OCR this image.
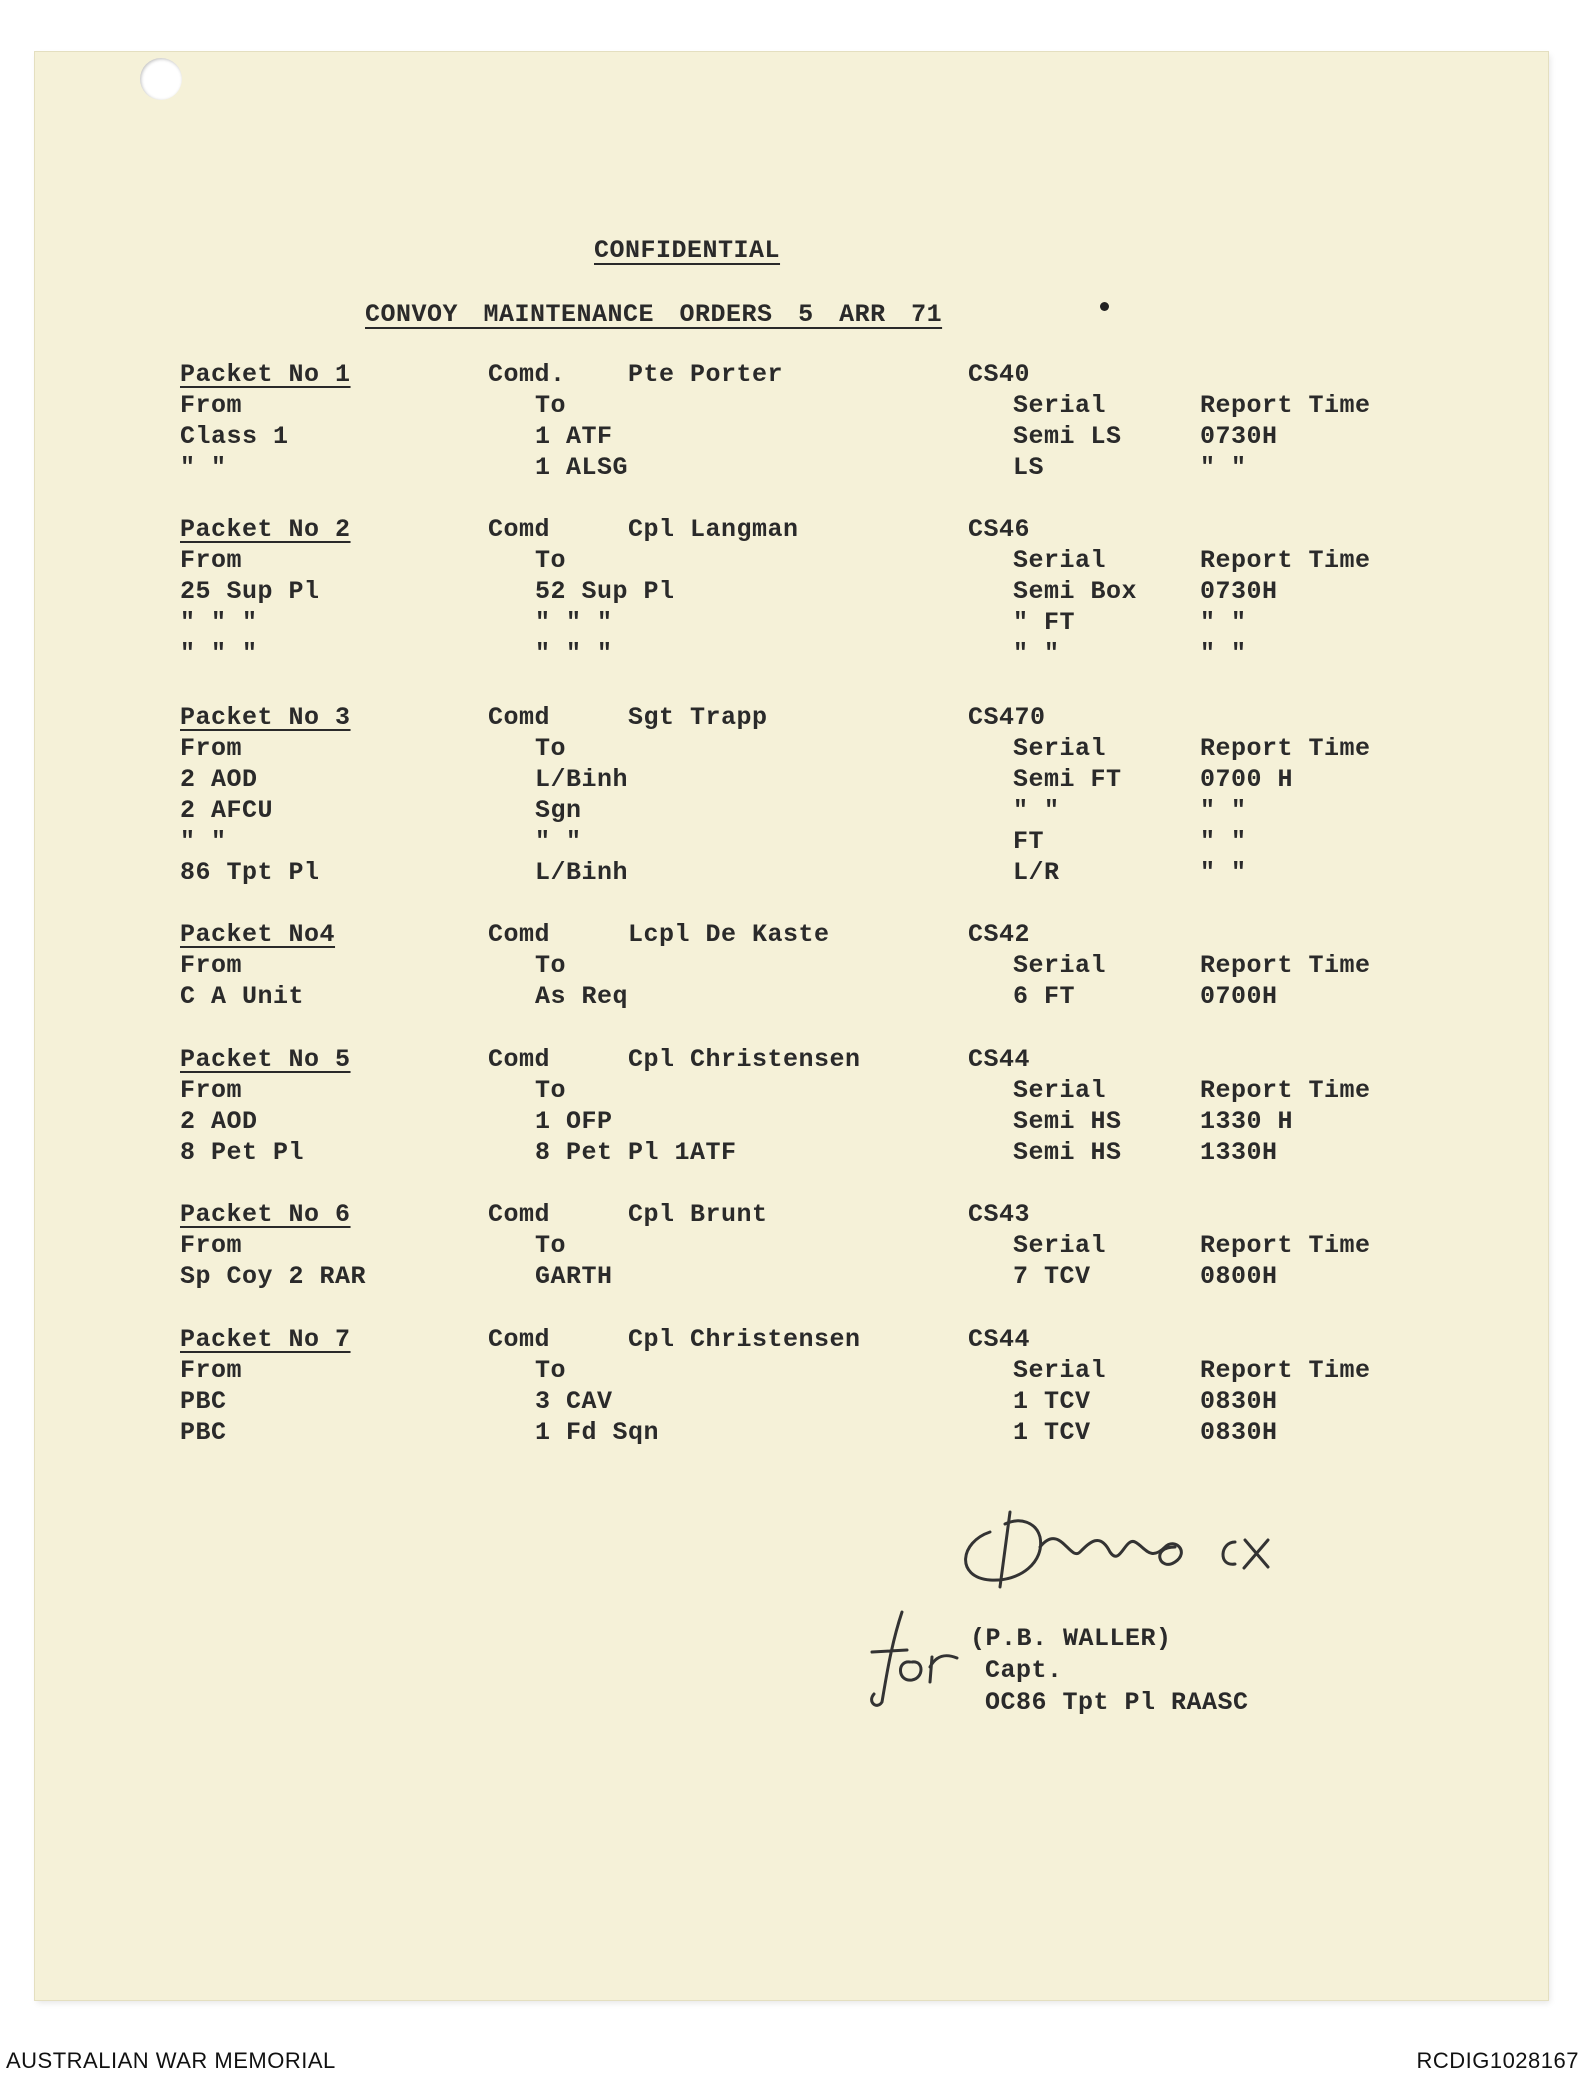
CONFIDENTIAL
CONVOY MAINTENANCE ORDERS 5 ARR 71
Packet No 1	Comd. Pte Porter	CS40
From	To	Serial	Report Time
Class 1	1 ATF	Semi LS	0730H
" "	1 ALSG	LS	" "
Packet No 2	Comd	Cpl Langman	CS46
From	To	Serial	Report Time
25 Sup Pl	52 Sup Pl	Semi Box	0730H
" " "	" " "	" FT	" "
" " "	" " "	" "	" "
Packet No 3	Comd	Sgt Trapp	CS470
From	To	Serial	Report Time
2 AOD	L/Binh	Semi FT	0700 H
2 AFCU	Sgn	" "	" "
" "	" "	FT	" "
86 Tpt Pl	L/Binh	L/R	" "
Packet No4	Comd	Lcpl De Kaste	CS42
From	To	Serial	Report Time
C A Unit	As Req	6 FT	0700H
Packet No 5	Comd	Cpl Christensen	CS44
From	To	Serial	Report Time
2 AOD	1 OFP	Semi HS	1330 H
8 Pet Pl	8 Pet Pl 1ATF	Semi HS	1330H
Packet No 6	Comd	Cpl Brunt	CS43
From	To	Serial	Report Time
Sp Coy 2 RAR	GARTH	7 TCV	0800H
Packet No 7	Comd	Cpl Christensen	CS44
From	To	Serial	Report Time
PBC	3 CAV	1 TCV	0830H
PBC	1 Fd Sqn	1 TCV	0830H
(P.B. WALLER)
Capt.
OC86 Tpt Pl RAASC
AUSTRALIAN WAR MEMORIAL	RCDIG1028167
